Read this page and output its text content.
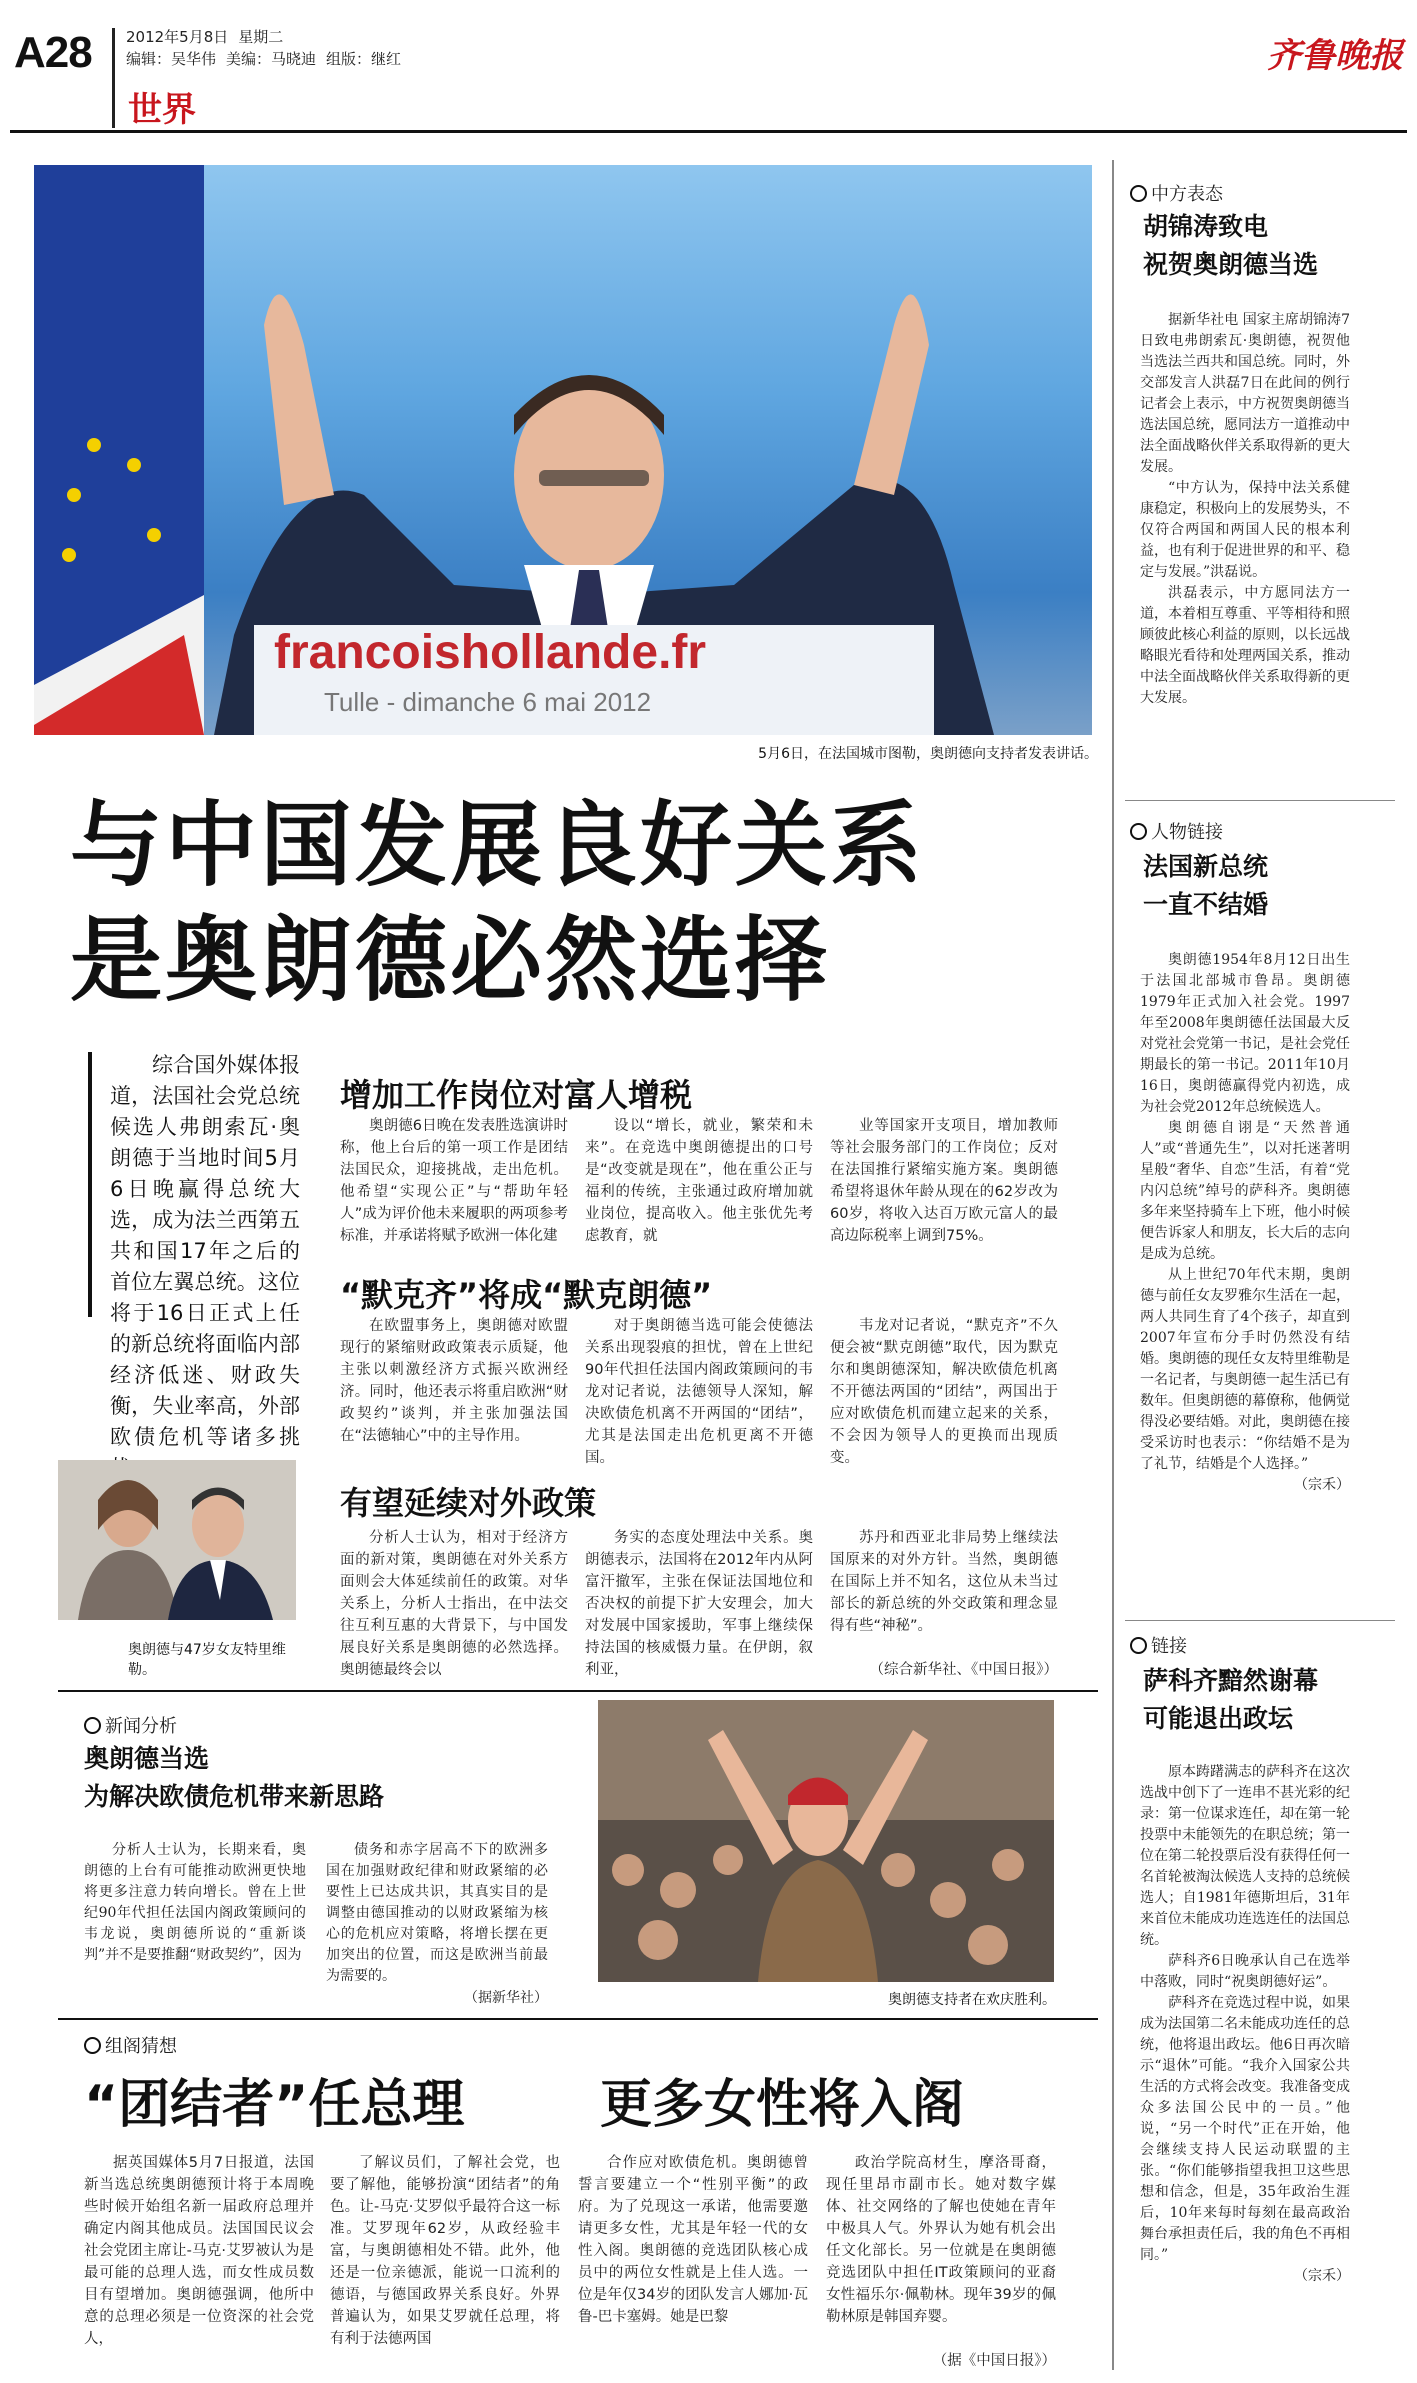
A28 2012年5月8日 星期二
编辑：吴华伟 美编：马晓迪 组版：继红
世界
齐鲁晚报
francoishollande.fr
Tulle - dimanche 6 mai 2012
5月6日，在法国城市图勒，奥朗德向支持者发表讲话。
与中国发展良好关系
是奥朗德必然选择
综合国外媒体报道，法国社会党总统候选人弗朗索瓦·奥朗德于当地时间5月6日晚赢得总统大选，成为法兰西第五共和国17年之后的首位左翼总统。这位将于16日正式上任的新总统将面临内部经济低迷、财政失衡，失业率高，外部欧债危机等诸多挑
奥朗德与47岁女友特里维勒。
增加工作岗位对富人增税
奥朗德6日晚在发表胜选演讲时称，他上台后的第一项工作是团结法国民众，迎接挑战，走出危机。他希望“实现公正”与“帮助年轻人”成为评价他未来履职的两项参考标准，并承诺将赋予欧洲一体化建
设以“增长，就业，繁荣和未来”。在竞选中奥朗德提出的口号是“改变就是现在”，他在重公正与福利的传统，主张通过政府增加就业岗位，提高收入。他主张优先考虑教育，就
业等国家开支项目，增加教师等社会服务部门的工作岗位；反对在法国推行紧缩实施方案。奥朗德希望将退休年龄从现在的62岁改为60岁，将收入达百万欧元富人的最高边际税率上调到75%。
“默克齐”将成“默克朗德”
在欧盟事务上，奥朗德对欧盟现行的紧缩财政政策表示质疑，他主张以刺激经济方式振兴欧洲经济。同时，他还表示将重启欧洲“财政契约”谈判，并主张加强法国在“法德轴心”中的主导作用。
对于奥朗德当选可能会使德法关系出现裂痕的担忧，曾在上世纪90年代担任法国内阁政策顾问的韦龙对记者说，法德领导人深知，解决欧债危机离不开两国的“团结”，尤其是法国走出危机更离不开德国。
韦龙对记者说，“默克齐”不久便会被“默克朗德”取代，因为默克尔和奥朗德深知，解决欧债危机离不开德法两国的“团结”，两国出于应对欧债危机而建立起来的关系，不会因为领导人的更换而出现质变。
有望延续对外政策
分析人士认为，相对于经济方面的新对策，奥朗德在对外关系方面则会大体延续前任的政策。对华关系上，分析人士指出，在中法交往互利互惠的大背景下，与中国发展良好关系是奥朗德的必然选择。奥朗德最终会以
务实的态度处理法中关系。奥朗德表示，法国将在2012年内从阿富汗撤军，主张在保证法国地位和否决权的前提下扩大安理会，加大对发展中国家援助，军事上继续保持法国的核威慑力量。在伊朗，叙利亚，
苏丹和西亚北非局势上继续法国原来的对外方针。当然，奥朗德在国际上并不知名，这位从未当过部长的新总统的外交政策和理念显得有些“神秘”。
（综合新华社、《中国日报》）
新闻分析
奥朗德当选
为解决欧债危机带来新思路
分析人士认为，长期来看，奥朗德的上台有可能推动欧洲更快地将更多注意力转向增长。曾在上世纪90年代担任法国内阁政策顾问的韦龙说，奥朗德所说的“重新谈判”并不是要推翻“财政契约”，因为
债务和赤字居高不下的欧洲多国在加强财政纪律和财政紧缩的必要性上已达成共识，其真实目的是调整由德国推动的以财政紧缩为核心的危机应对策略，将增长摆在更加突出的位置，而这是欧洲当前最为需要的。
（据新华社）	奥朗德支持者在欢庆胜利。
组阁猜想
“团结者”任总理	更多女性将入阁
据英国媒体5月7日报道，法国新当选总统奥朗德预计将于本周晚些时候开始组名新一届政府总理并确定内阁其他成员。法国国民议会社会党团主席让-马克·艾罗被认为是最可能的总理人选，而女性成员数目有望增加。奥朗德强调，他所中意的总理必须是一位资深的社会党人，
了解议员们，了解社会党，也要了解他，能够扮演“团结者”的角色。让-马克·艾罗似乎最符合这一标准。艾罗现年62岁，从政经验丰富，与奥朗德相处不错。此外，他还是一位亲德派，能说一口流利的德语，与德国政界关系良好。外界普遍认为，如果艾罗就任总理，将有利于法德两国
合作应对欧债危机。奥朗德曾誓言要建立一个“性别平衡”的政府。为了兑现这一承诺，他需要邀请更多女性，尤其是年轻一代的女性入阁。奥朗德的竞选团队核心成员中的两位女性就是上佳人选。一位是年仅34岁的团队发言人娜加·瓦鲁-巴卡塞姆。她是巴黎
政治学院高材生，摩洛哥裔，现任里昂市副市长。她对数字媒体、社交网络的了解也使她在青年中极具人气。外界认为她有机会出任文化部长。另一位就是在奥朗德竞选团队中担任IT政策顾问的亚裔女性福乐尔·佩勒林。现年39岁的佩勒林原是韩国弃婴。
（据《中国日报》）
中方表态
胡锦涛致电
祝贺奥朗德当选

据新华社电 国家主席胡锦涛7日致电弗朗索瓦·奥朗德，祝贺他当选法兰西共和国总统。同时，外交部发言人洪磊7日在此间的例行记者会上表示，中方祝贺奥朗德当选法国总统，愿同法方一道推动中法全面战略伙伴关系取得新的更大发展。

“中方认为，保持中法关系健康稳定，积极向上的发展势头，不仅符合两国和两国人民的根本利益，也有利于促进世界的和平、稳定与发展。”洪磊说。

洪磊表示，中方愿同法方一道，本着相互尊重、平等相待和照顾彼此核心利益的原则，以长远战略眼光看待和处理两国关系，推动中法全面战略伙伴关系取得新的更大发展。

人物链接
法国新总统
一直不结婚

奥朗德1954年8月12日出生于法国北部城市鲁昂。奥朗德1979年正式加入社会党。1997年至2008年奥朗德任法国最大反对党社会党第一书记，是社会党任期最长的第一书记。2011年10月16日，奥朗德赢得党内初选，成为社会党2012年总统候选人。

奥朗德自诩是“天然普通人”或“普通先生”，以对托迷著明星般“奢华、自恋”生活，有着“党内闪总统”绰号的萨科齐。奥朗德多年来坚持骑车上下班，他小时候便告诉家人和朋友，长大后的志向是成为总统。

从上世纪70年代末期，奥朗德与前任女友罗雅尔生活在一起，两人共同生育了4个孩子，却直到2007年宣布分手时仍然没有结婚。奥朗德的现任女友特里维勒是一名记者，与奥朗德一起生活已有数年。但奥朗德的幕僚称，他俩觉得没必要结婚。对此，奥朗德在接受采访时也表示：“你结婚不是为了礼节，结婚是个人选择。”

（宗禾）

链接
萨科齐黯然谢幕
可能退出政坛

原本踌躇满志的萨科齐在这次选战中创下了一连串不甚光彩的纪录：第一位谋求连任，却在第一轮投票中未能领先的在职总统；第一位在第二轮投票后没有获得任何一名首轮被淘汰候选人支持的总统候选人；自1981年德斯坦后，31年来首位未能成功连选连任的法国总统。

萨科齐6日晚承认自己在选举中落败，同时“祝奥朗德好运”。

萨科齐在竞选过程中说，如果成为法国第二名未能成功连任的总统，他将退出政坛。他6日再次暗示“退休”可能。“我介入国家公共生活的方式将会改变。我准备变成众多法国公民中的一员。”他说，“另一个时代”正在开始，他会继续支持人民运动联盟的主张。“你们能够指望我担卫这些思想和信念，但是，35年政治生涯后，10年来每时每刻在最高政治舞台承担责任后，我的角色不再相同。”

（宗禾）
